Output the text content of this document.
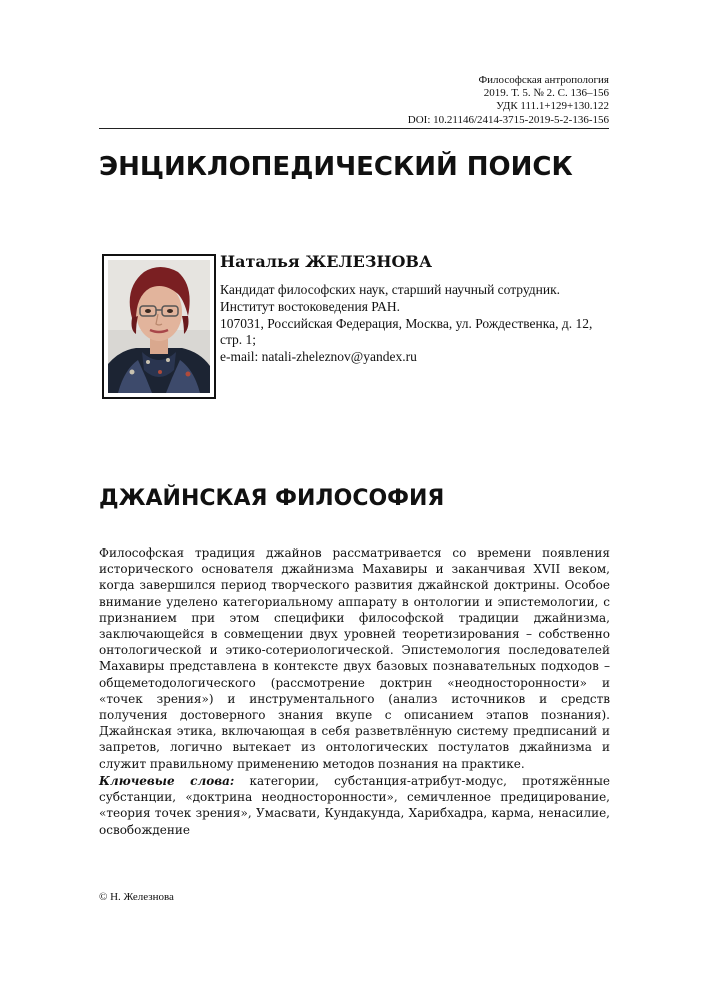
Философская антропология
2019. Т. 5. № 2. С. 136–156
УДК 111.1+129+130.122
DOI: 10.21146/2414-3715-2019-5-2-136-156
ЭНЦИКЛОПЕДИЧЕСКИЙ ПОИСК
Наталья ЖЕЛЕЗНОВА
Кандидат философских наук, старший научный сотрудник.
Институт востоковедения РАН.
107031, Российская Федерация, Москва, ул. Рождественка, д. 12,
стр. 1;
e-mail: natali-zheleznov@yandex.ru
ДЖАЙНСКАЯ ФИЛОСОФИЯ

Философская традиция джайнов рассматривается со времени появления исторического основателя джайнизма Махавиры и заканчивая XVII веком, когда завершился период творческого развития джайнской доктрины. Особое внимание уделено категориальному аппарату в онтологии и эпистемологии, с признанием при этом специфики философской традиции джайнизма, заключающейся в совмещении двух уровней теоретизирования – собственно онтологической и этико-сотериологической. Эпистемология последователей Махавиры представлена в контексте двух базовых познавательных подходов – общеметодологического (рассмотрение доктрин «неодносторонности» и «точек зрения») и инструментального (анализ источников и средств получения достоверного знания вкупе с описанием этапов познания). Джайнская этика, включающая в себя разветвлённую систему предписаний и запретов, логично вытекает из онтологических постулатов джайнизма и служит правильному применению методов познания на практике.

Ключевые слова: категории, субстанция-атрибут-модус, протяжённые субстанции, «доктрина неодносторонности», семичленное предицирование, «теория точек зрения», Умасвати, Кундакунда, Харибхадра, карма, ненасилие, освобождение

© Н. Железнова
